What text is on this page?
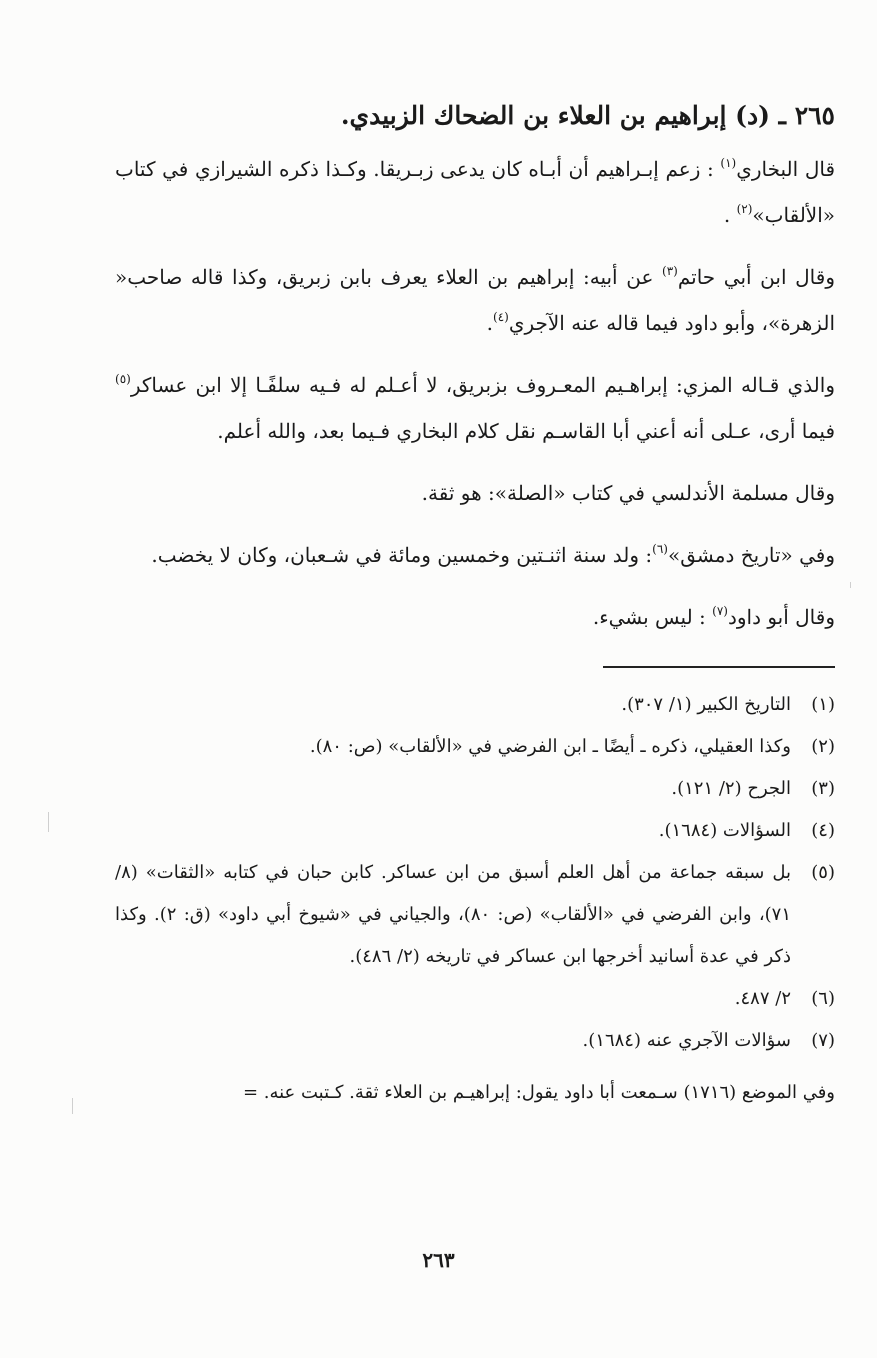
٢٦٥ ـ (د) إبراهيم بن العلاء بن الضحاك الزبيدي.
قال البخاري$^{(١)}$ : زعم إبـراهيم أن أبـاه كان يدعى زبـريقا. وكـذا ذكره الشيرازي في كتاب «الألقاب»$^{(٢)}$ .
وقال ابن أبي حاتم$^{(٣)}$ عن أبيه: إبراهيم بن العلاء يعرف بابن زبريق، وكذا قاله صاحب« الزهرة»، وأبو داود فيما قاله عنه الآجري$^{(٤)}$.
والذي قـاله المزي: إبراهـيم المعـروف بزبريق، لا أعـلم له فـيه سلفًـا إلا ابن عساكر$^{(٥)}$ فيما أرى، عـلى أنه أعني أبا القاسـم نقل كلام البخاري فـيما بعد، والله أعلم.
وقال مسلمة الأندلسي في كتاب «الصلة»: هو ثقة.
وفي «تاريخ دمشق»$^{(٦)}$: ولد سنة اثنـتين وخمسين ومائة في شـعبان، وكان لا يخضب.
وقال أبو داود$^{(٧)}$ : ليس بشيء.
(١)
التاريخ الكبير (١/ ٣٠٧).
(٢)
وكذا العقيلي، ذكره ـ أيضًا ـ ابن الفرضي في «الألقاب» (ص: ٨٠).
(٣)
الجرح (٢/ ١٢١).
(٤)
السؤالات (١٦٨٤).
(٥)
بل سبقه جماعة من أهل العلم أسبق من ابن عساكر. كابن حبان في كتابه «الثقات» (٨/ ٧١)، وابن الفرضي في «الألقاب» (ص: ٨٠)، والجياني في «شيوخ أبي داود» (ق: ٢). وكذا ذكر في عدة أسانيد أخرجها ابن عساكر في تاريخه (٢/ ٤٨٦).
(٦)
٢/ ٤٨٧.
(٧)
سؤالات الآجري عنه (١٦٨٤).
وفي الموضع (١٧١٦) سـمعت أبا داود يقول: إبراهيـم بن العلاء ثقة. كـتبت عنه. =
٢٦٣
